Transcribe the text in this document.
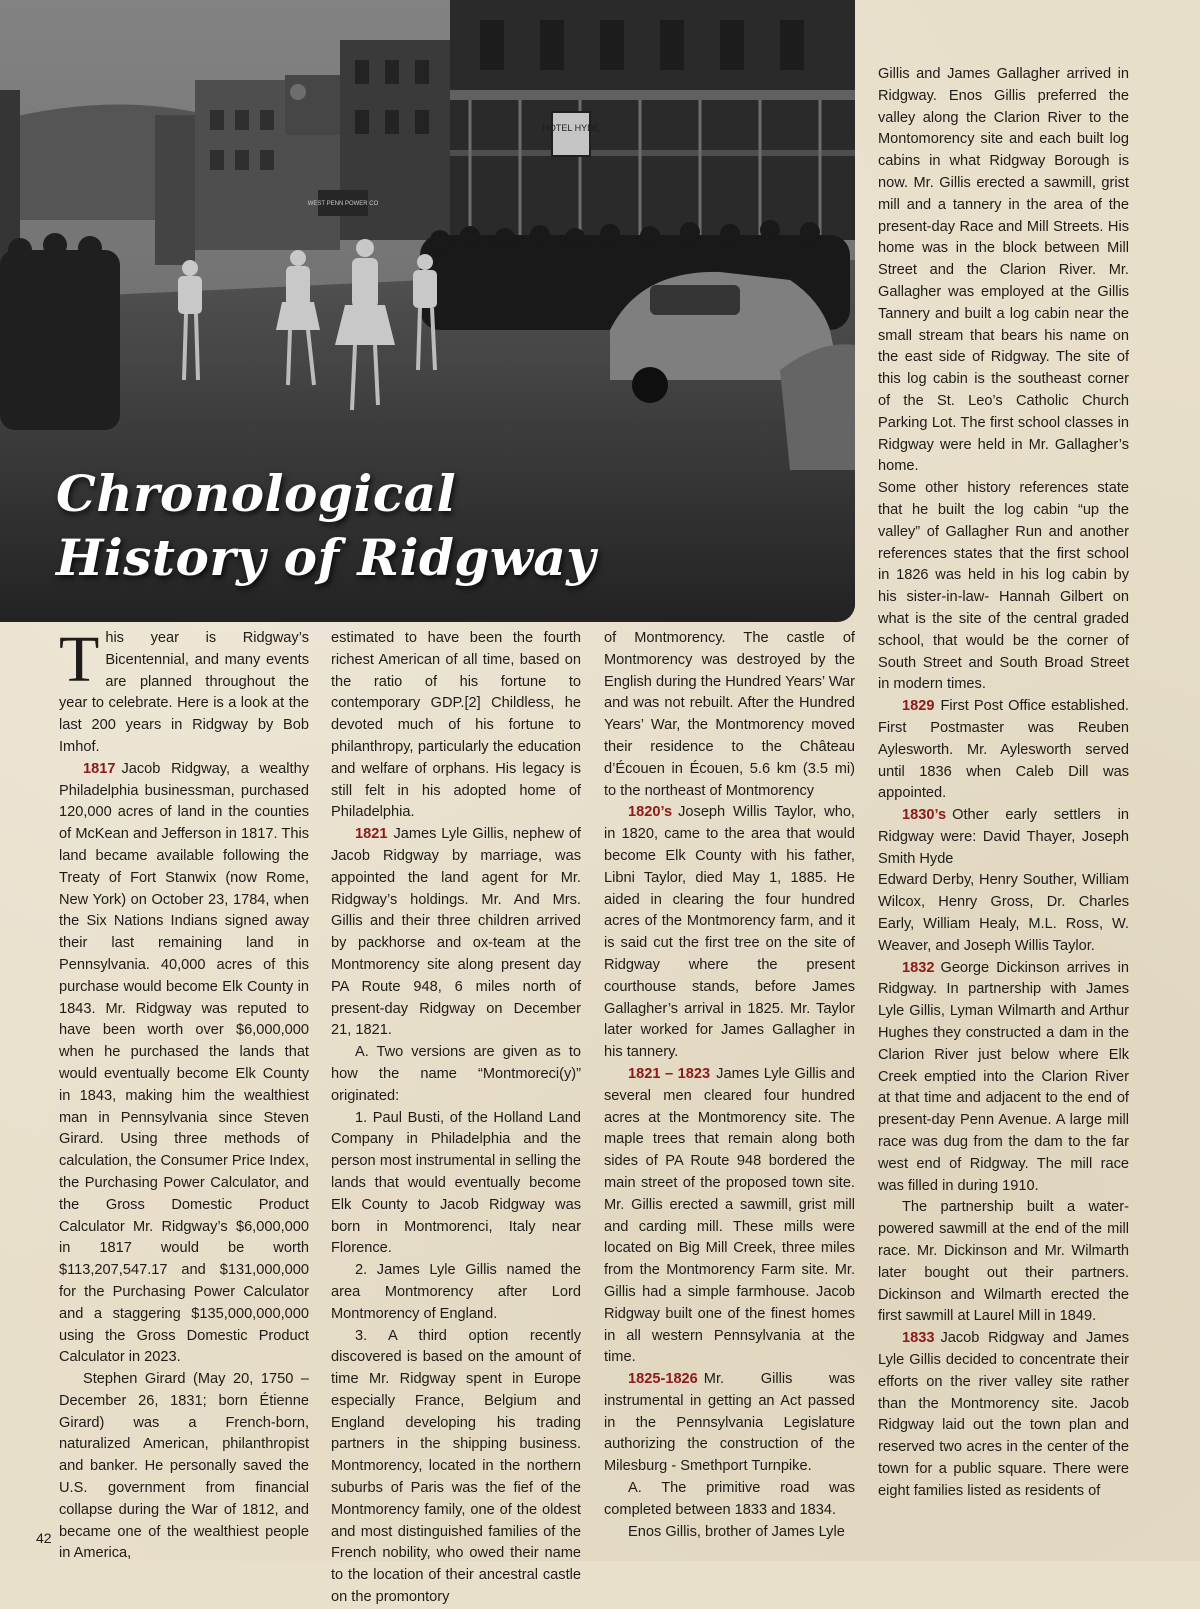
Chronological
History of Ridgway

This year is Ridgway’s Bicentennial, and many events are planned throughout the year to celebrate. Here is a look at the last 200 years in Ridgway by Bob Imhof.

1817 Jacob Ridgway, a wealthy Philadelphia businessman, purchased 120,000 acres of land in the counties of McKean and Jefferson in 1817. This land became available following the Treaty of Fort Stanwix (now Rome, New York) on October 23, 1784, when the Six Nations Indians signed away their last remaining land in Pennsylvania. 40,000 acres of this purchase would become Elk County in 1843. Mr. Ridgway was reputed to have been worth over $6,000,000 when he purchased the lands that would eventually become Elk County in 1843, making him the wealthiest man in Pennsylvania since Steven Girard. Using three methods of calculation, the Consumer Price Index, the Purchasing Power Calculator, and the Gross Domestic Product Calculator Mr. Ridgway’s $6,000,000 in 1817 would be worth $113,207,547.17 and $131,000,000 for the Purchasing Power Calculator and a staggering $135,000,000,000 using the Gross Domestic Product Calculator in 2023.

Stephen Girard (May 20, 1750 – December 26, 1831; born Étienne Girard) was a French-born, naturalized American, philanthropist and banker. He personally saved the U.S. government from financial collapse during the War of 1812, and became one of the wealthiest people in America,

estimated to have been the fourth richest American of all time, based on the ratio of his fortune to contemporary GDP.[2] Childless, he devoted much of his fortune to philanthropy, particularly the education and welfare of orphans. His legacy is still felt in his adopted home of Philadelphia.

1821 James Lyle Gillis, nephew of Jacob Ridgway by marriage, was appointed the land agent for Mr. Ridgway’s holdings. Mr. And Mrs. Gillis and their three children arrived by packhorse and ox-team at the Montmorency site along present day PA Route 948, 6 miles north of present-day Ridgway on December 21, 1821.

A. Two versions are given as to how the name “Montmoreci(y)” originated:

1. Paul Busti, of the Holland Land Company in Philadelphia and the person most instrumental in selling the lands that would eventually become Elk County to Jacob Ridgway was born in Montmorenci, Italy near Florence.

2. James Lyle Gillis named the area Montmorency after Lord Montmorency of England.

3. A third option recently discovered is based on the amount of time Mr. Ridgway spent in Europe especially France, Belgium and England developing his trading partners in the shipping business. Montmorency, located in the northern suburbs of Paris was the fief of the Montmorency family, one of the oldest and most distinguished families of the French nobility, who owed their name to the location of their ancestral castle on the promontory

of Montmorency. The castle of Montmorency was destroyed by the English during the Hundred Years’ War and was not rebuilt. After the Hundred Years’ War, the Montmorency moved their residence to the Château d’Écouen in Écouen, 5.6 km (3.5 mi) to the northeast of Montmorency

1820’s Joseph Willis Taylor, who, in 1820, came to the area that would become Elk County with his father, Libni Taylor, died May 1, 1885. He aided in clearing the four hundred acres of the Montmorency farm, and it is said cut the first tree on the site of Ridgway where the present courthouse stands, before James Gallagher’s arrival in 1825. Mr. Taylor later worked for James Gallagher in his tannery.

1821 – 1823 James Lyle Gillis and several men cleared four hundred acres at the Montmorency site. The maple trees that remain along both sides of PA Route 948 bordered the main street of the proposed town site. Mr. Gillis erected a sawmill, grist mill and carding mill. These mills were located on Big Mill Creek, three miles from the Montmorency Farm site. Mr. Gillis had a simple farmhouse. Jacob Ridgway built one of the finest homes in all western Pennsylvania at the time.

1825-1826 Mr. Gillis was instrumental in getting an Act passed in the Pennsylvania Legislature authorizing the construction of the Milesburg - Smethport Turnpike.

A. The primitive road was completed between 1833 and 1834.

Enos Gillis, brother of James Lyle

Gillis and James Gallagher arrived in Ridgway. Enos Gillis preferred the valley along the Clarion River to the Montomorency site and each built log cabins in what Ridgway Borough is now. Mr. Gillis erected a sawmill, grist mill and a tannery in the area of the present-day Race and Mill Streets. His home was in the block between Mill Street and the Clarion River. Mr. Gallagher was employed at the Gillis Tannery and built a log cabin near the small stream that bears his name on the east side of Ridgway. The site of this log cabin is the southeast corner of the St. Leo’s Catholic Church Parking Lot. The first school classes in Ridgway were held in Mr. Gallagher’s home.

Some other history references state that he built the log cabin “up the valley” of Gallagher Run and another references states that the first school in 1826 was held in his log cabin by his sister-in-law- Hannah Gilbert on what is the site of the central graded school, that would be the corner of South Street and South Broad Street in modern times.

1829 First Post Office established. First Postmaster was Reuben Aylesworth. Mr. Aylesworth served until 1836 when Caleb Dill was appointed.

1830’s Other early settlers in Ridgway were: David Thayer, Joseph Smith Hyde

Edward Derby, Henry Souther, William Wilcox, Henry Gross, Dr. Charles Early, William Healy, M.L. Ross, W. Weaver, and Joseph Willis Taylor.

1832 George Dickinson arrives in Ridgway. In partnership with James Lyle Gillis, Lyman Wilmarth and Arthur Hughes they constructed a dam in the Clarion River just below where Elk Creek emptied into the Clarion River at that time and adjacent to the end of present-day Penn Avenue. A large mill race was dug from the dam to the far west end of Ridgway. The mill race was filled in during 1910.

The partnership built a water-powered sawmill at the end of the mill race. Mr. Dickinson and Mr. Wilmarth later bought out their partners. Dickinson and Wilmarth erected the first sawmill at Laurel Mill in 1849.

1833 Jacob Ridgway and James Lyle Gillis decided to concentrate their efforts on the river valley site rather than the Montmorency site. Jacob Ridgway laid out the town plan and reserved two acres in the center of the town for a public square. There were eight families listed as residents of

42
